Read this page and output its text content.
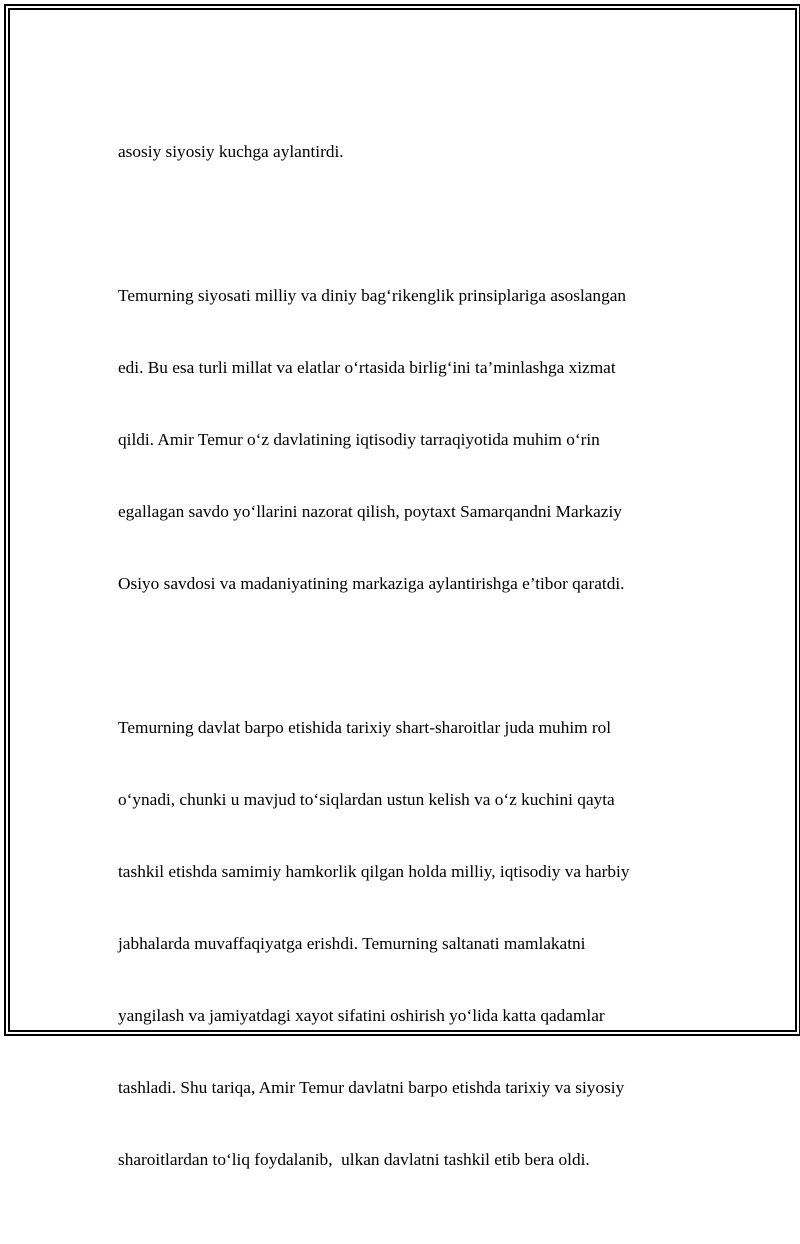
asosiy siyosiy kuchga aylantirdi.

Temurning siyosati milliy va diniy bag‘rikenglik prinsiplariga asoslangan

edi. Bu esa turli millat va elatlar o‘rtasida birlig‘ini ta’minlashga xizmat

qildi. Amir Temur o‘z davlatining iqtisodiy tarraqiyotida muhim o‘rin

egallagan savdo yo‘llarini nazorat qilish, poytaxt Samarqandni Markaziy

Osiyo savdosi va madaniyatining markaziga aylantirishga e’tibor qaratdi.

Temurning davlat barpo etishida tarixiy shart-sharoitlar juda muhim rol

o‘ynadi, chunki u mavjud to‘siqlardan ustun kelish va o‘z kuchini qayta

tashkil etishda samimiy hamkorlik qilgan holda milliy, iqtisodiy va harbiy

jabhalarda muvaffaqiyatga erishdi. Temurning saltanati mamlakatni

yangilash va jamiyatdagi xayot sifatini oshirish yo‘lida katta qadamlar

tashladi. Shu tariqa, Amir Temur davlatni barpo etishda tarixiy va siyosiy

sharoitlardan to‘liq foydalanib,  ulkan davlatni tashkil etib bera oldi.
